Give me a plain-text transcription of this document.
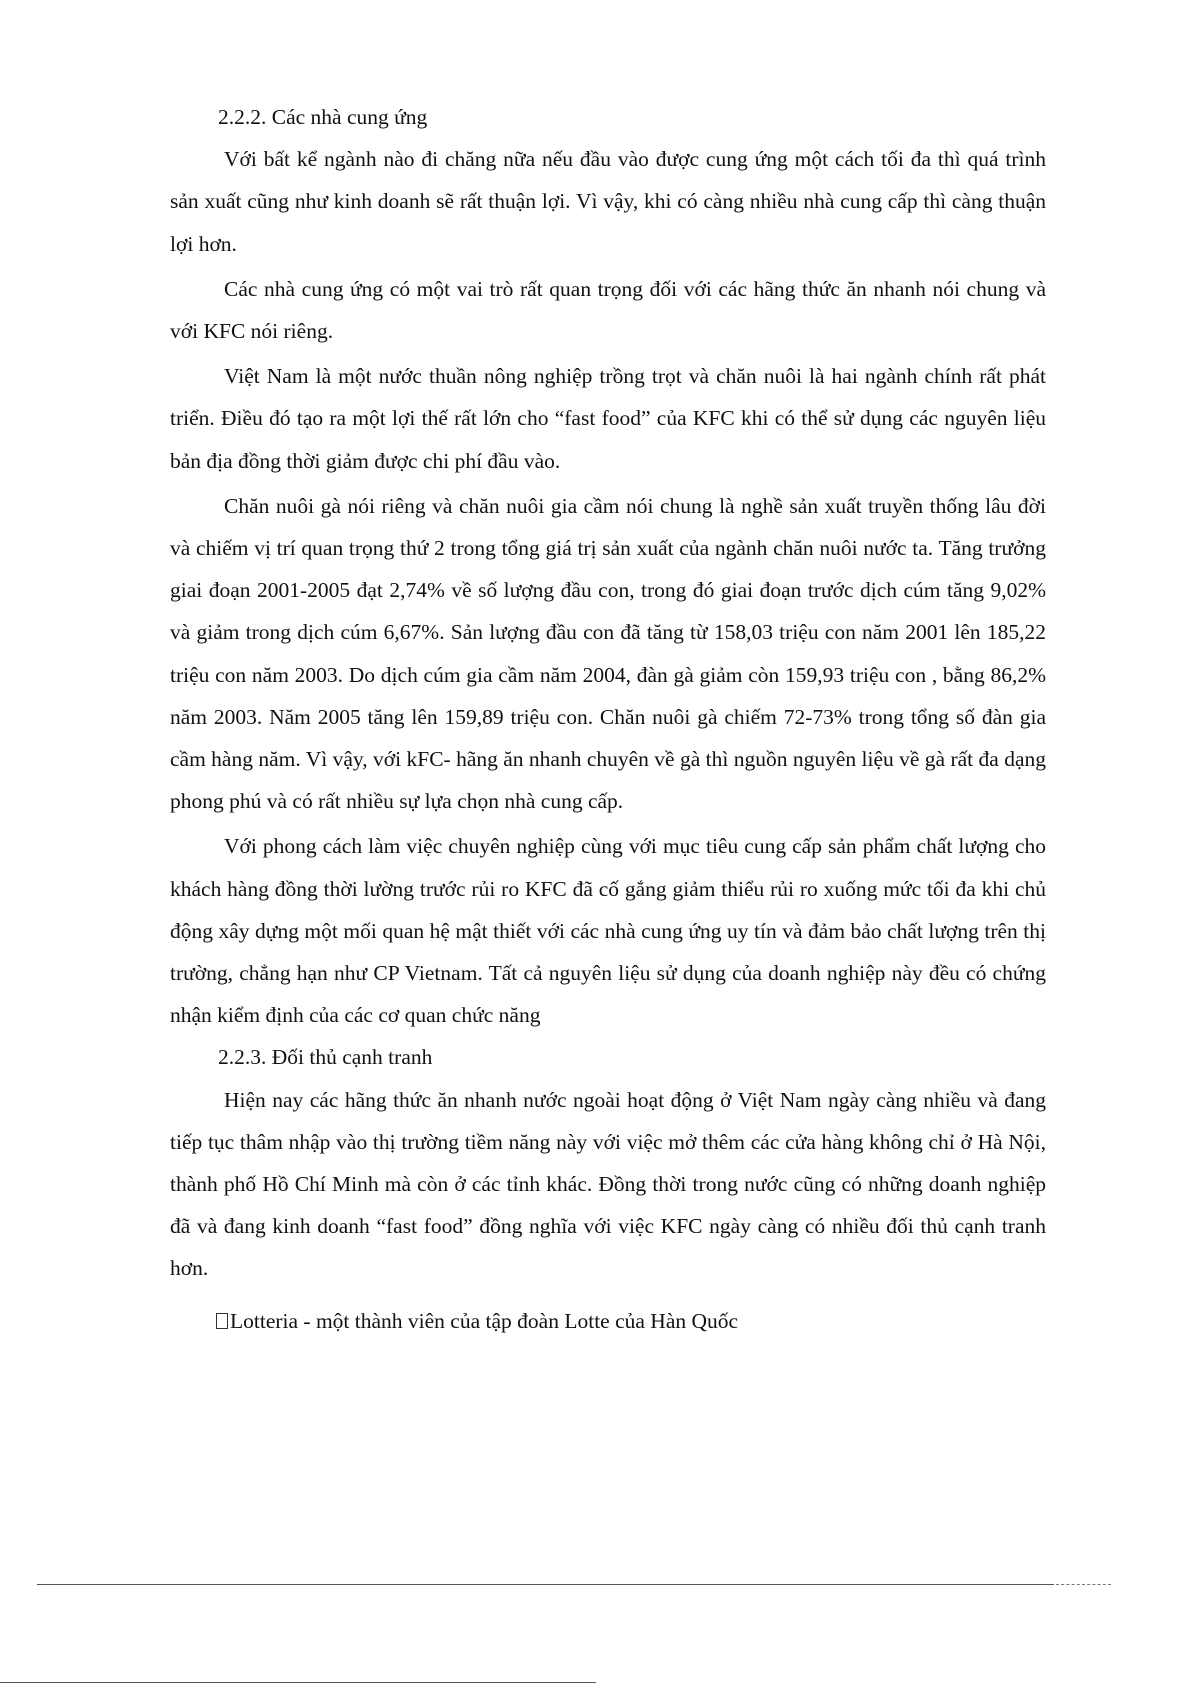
2.2.2. Các nhà cung ứng

Với bất kể ngành nào đi chăng nữa nếu đầu vào được cung ứng một cách tối đa thì quá trình sản xuất cũng như kinh doanh sẽ rất thuận lợi. Vì vậy, khi có càng nhiều nhà cung cấp thì càng thuận lợi hơn.

Các nhà cung ứng có một vai trò rất quan trọng đối với các hãng thức ăn nhanh nói chung và với KFC nói riêng.

Việt Nam là một nước thuần nông nghiệp trồng trọt và chăn nuôi là hai ngành chính rất phát triển. Điều đó tạo ra một lợi thế rất lớn cho “fast food” của KFC khi có thể sử dụng các nguyên liệu bản địa đồng thời giảm được chi phí đầu vào.

Chăn nuôi gà nói riêng và chăn nuôi gia cầm nói chung là nghề sản xuất truyền thống lâu đời và chiếm vị trí quan trọng thứ 2 trong tổng giá trị sản xuất của ngành chăn nuôi nước ta. Tăng trưởng giai đoạn 2001-2005 đạt 2,74% về số lượng đầu con, trong đó giai đoạn trước dịch cúm tăng 9,02% và giảm trong dịch cúm 6,67%. Sản lượng đầu con đã tăng từ 158,03 triệu con năm 2001 lên 185,22 triệu con năm 2003. Do dịch cúm gia cầm năm 2004, đàn gà giảm còn 159,93 triệu con , bằng 86,2% năm 2003. Năm 2005 tăng lên 159,89 triệu con. Chăn nuôi gà chiếm 72-73% trong tổng số đàn gia cầm hàng năm. Vì vậy, với kFC- hãng ăn nhanh chuyên về gà thì nguồn nguyên liệu về gà rất đa dạng phong phú và có rất nhiều sự lựa chọn nhà cung cấp.

Với phong cách làm việc chuyên nghiệp cùng với mục tiêu cung cấp sản phẩm chất lượng cho khách hàng đồng thời lường trước rủi ro KFC đã cố gắng giảm thiểu rủi ro xuống mức tối đa khi chủ động xây dựng một mối quan hệ mật thiết với các nhà cung ứng uy tín và đảm bảo chất lượng trên thị trường, chẳng hạn như CP Vietnam. Tất cả nguyên liệu sử dụng của doanh nghiệp này đều có chứng nhận kiểm định của các cơ quan chức năng

2.2.3. Đối thủ cạnh tranh

Hiện nay các hãng thức ăn nhanh nước ngoài hoạt động ở Việt Nam ngày càng nhiều và đang tiếp tục thâm nhập vào thị trường tiềm năng này với việc mở thêm các cửa hàng không chỉ ở Hà Nội, thành phố Hồ Chí Minh mà còn ở các tỉnh khác. Đồng thời trong nước cũng có những doanh nghiệp đã và đang kinh doanh “fast food” đồng nghĩa với việc KFC ngày càng có nhiều đối thủ cạnh tranh hơn.

Lotteria - một thành viên của tập đoàn Lotte của Hàn Quốc
